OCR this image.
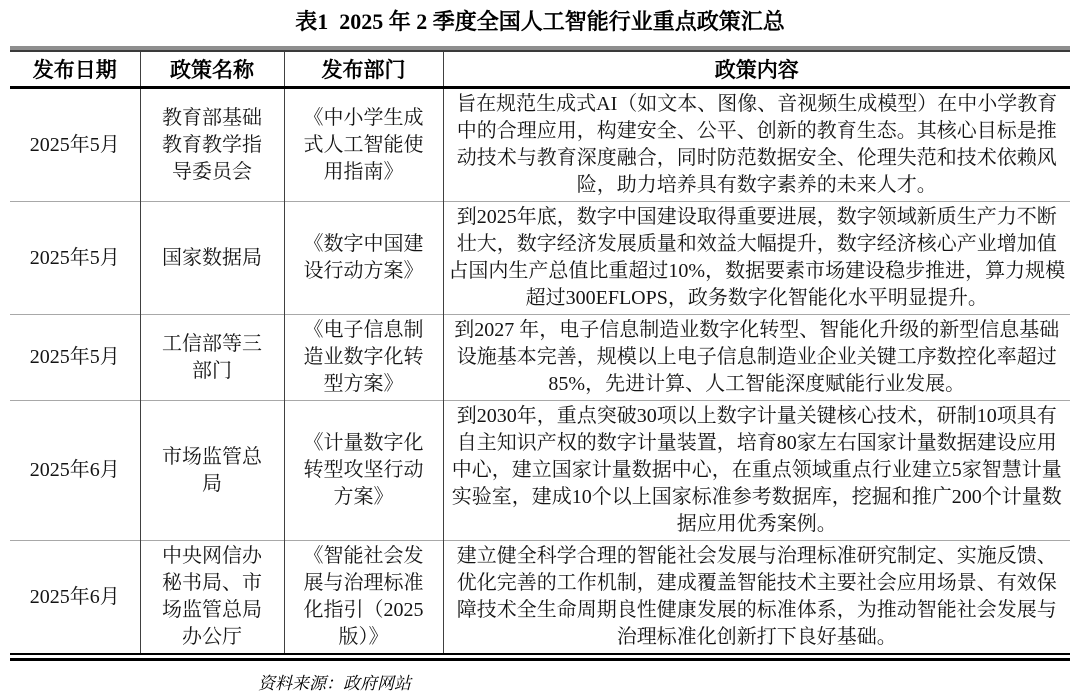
表1  2025 年 2 季度全国人工智能行业重点政策汇总
发布日期	政策名称	发布部门	政策内容
2025年5月	教育部基础教育教学指导委员会	《中小学生成式人工智能使用指南》	旨在规范生成式AI（如文本、图像、音视频生成模型）在中小学教育中的合理应用，构建安全、公平、创新的教育生态。其核心目标是推动技术与教育深度融合，同时防范数据安全、伦理失范和技术依赖风险，助力培养具有数字素养的未来人才。
2025年5月	国家数据局	《数字中国建设行动方案》	到2025年底，数字中国建设取得重要进展，数字领域新质生产力不断壮大，数字经济发展质量和效益大幅提升，数字经济核心产业增加值占国内生产总值比重超过10%，数据要素市场建设稳步推进，算力规模超过300EFLOPS，政务数字化智能化水平明显提升。
2025年5月	工信部等三部门	《电子信息制造业数字化转型方案》	到2027 年，电子信息制造业数字化转型、智能化升级的新型信息基础设施基本完善，规模以上电子信息制造业企业关键工序数控化率超过85%，先进计算、人工智能深度赋能行业发展。
2025年6月	市场监管总局	《计量数字化转型攻坚行动方案》	到2030年，重点突破30项以上数字计量关键核心技术，研制10项具有自主知识产权的数字计量装置，培育80家左右国家计量数据建设应用中心，建立国家计量数据中心，在重点领域重点行业建立5家智慧计量实验室，建成10个以上国家标准参考数据库，挖掘和推广200个计量数据应用优秀案例。
2025年6月	中央网信办秘书局、市场监管总局办公厅	《智能社会发展与治理标准化指引（2025版）》	建立健全科学合理的智能社会发展与治理标准研究制定、实施反馈、优化完善的工作机制，建成覆盖智能技术主要社会应用场景、有效保障技术全生命周期良性健康发展的标准体系，为推动智能社会发展与治理标准化创新打下良好基础。
资料来源：政府网站
